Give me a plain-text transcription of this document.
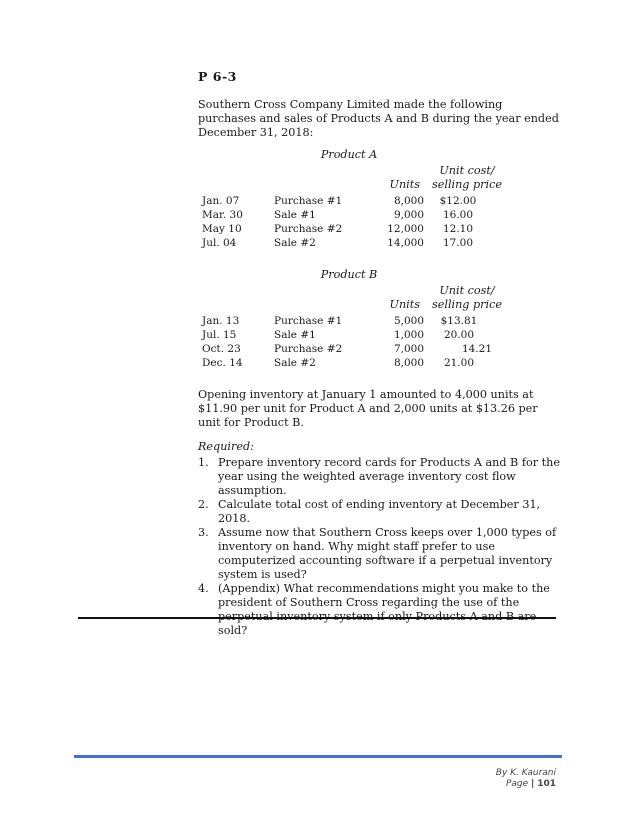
P 6-3

Southern Cross Company Limited made the following purchases and sales of Products A and B during the year ended December 31, 2018:

Product A
Unit cost/
Units selling price
Jan. 07	Purchase #1	8,000	$12.00
Mar. 30	Sale #1	9,000	16.00
May 10	Purchase #2	12,000	12.10
Jul. 04	Sale #2	14,000	17.00
Product B
Unit cost/
Units selling price
Jan. 13	Purchase #1	5,000	$13.81
Jul. 15	Sale #1	1,000	20.00
Oct. 23	Purchase #2	7,000	14.21
Dec. 14	Sale #2	8,000	21.00

Opening inventory at January 1 amounted to 4,000 units at $11.90 per unit for Product A and 2,000 units at $13.26 per unit for Product B.

Required:
1. Prepare inventory record cards for Products A and B for the year using the weighted average inventory cost flow assumption.
2. Calculate total cost of ending inventory at December 31, 2018.
3. Assume now that Southern Cross keeps over 1,000 types of inventory on hand. Why might staff prefer to use computerized accounting software if a perpetual inventory system is used?
4. (Appendix) What recommendations might you make to the president of Southern Cross regarding the use of the sold?
By K. Kaurani
Page | 101
